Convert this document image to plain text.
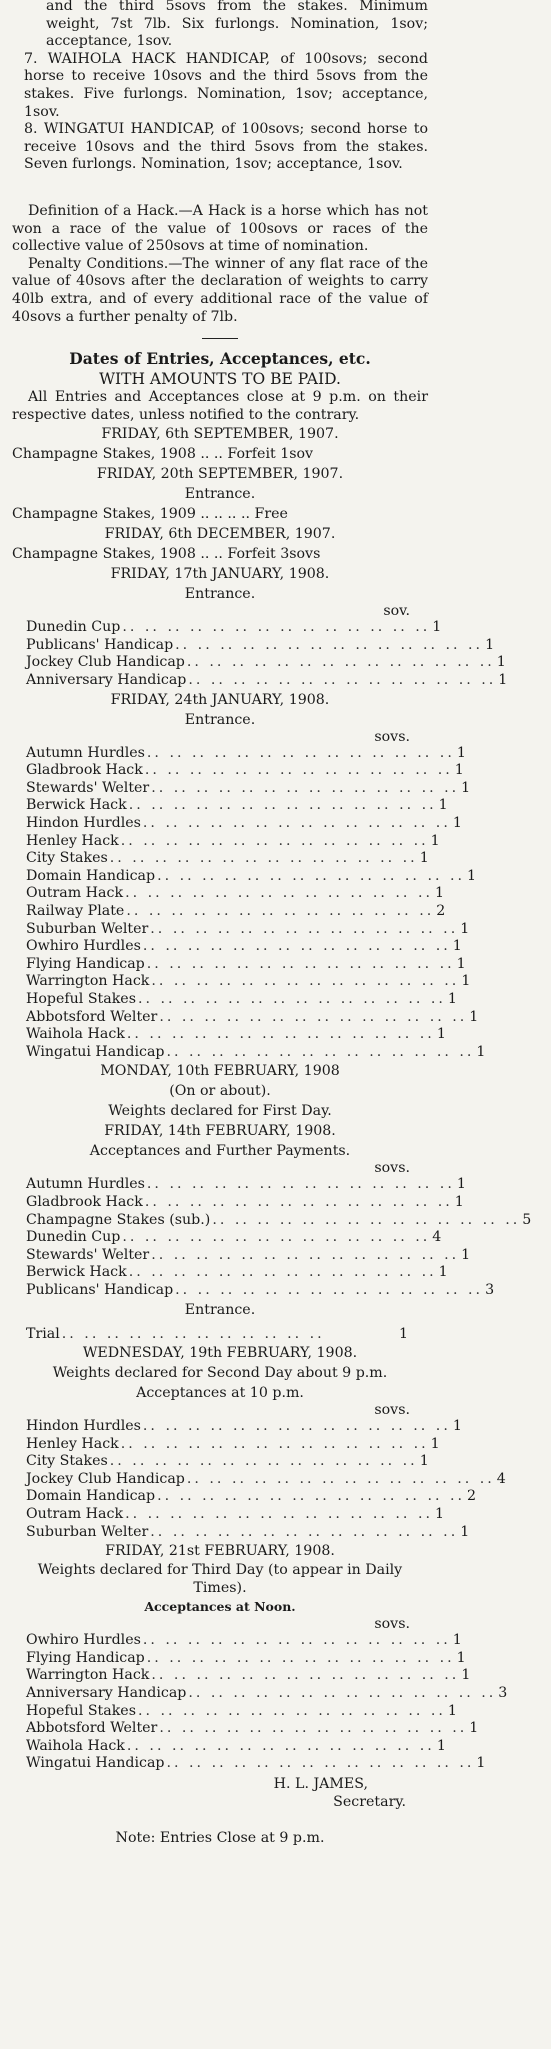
and the third 5sovs from the stakes. Minimum weight, 7st 7lb. Six furlongs. Nomination, 1sov; acceptance, 1sov.

7. WAIHOLA HACK HANDICAP, of 100sovs; second horse to receive 10sovs and the third 5sovs from the stakes. Five furlongs. Nomination, 1sov; acceptance, 1sov.

8. WINGATUI HANDICAP, of 100sovs; second horse to receive 10sovs and the third 5sovs from the stakes. Seven furlongs. Nomination, 1sov; acceptance, 1sov.

Definition of a Hack.—A Hack is a horse which has not won a race of the value of 100sovs or races of the collective value of 250sovs at time of nomination.

Penalty Conditions.—The winner of any flat race of the value of 40sovs after the declaration of weights to carry 40lb extra, and of every additional race of the value of 40sovs a further penalty of 7lb.

Dates of Entries, Acceptances, etc.

WITH AMOUNTS TO BE PAID.

All Entries and Acceptances close at 9 p.m. on their respective dates, unless notified to the contrary.

FRIDAY, 6th SEPTEMBER, 1907.

Champagne Stakes, 1908 .. .. Forfeit 1sov

FRIDAY, 20th SEPTEMBER, 1907.

Entrance.

Champagne Stakes, 1909 .. .. .. .. Free

FRIDAY, 6th DECEMBER, 1907.

Champagne Stakes, 1908 .. .. Forfeit 3sovs

FRIDAY, 17th JANUARY, 1908.

Entrance.

sov.
Dunedin Cup .. .. .. .. .. .. .. .. .. .. .. .. .. .. 1
Publicans' Handicap .. .. .. .. .. .. .. .. .. .. .. .. .. .. 1
Jockey Club Handicap .. .. .. .. .. .. .. .. .. .. .. .. .. .. 1
Anniversary Handicap .. .. .. .. .. .. .. .. .. .. .. .. .. .. 1

FRIDAY, 24th JANUARY, 1908.

Entrance.

sovs.
Autumn Hurdles .. .. .. .. .. .. .. .. .. .. .. .. .. .. 1
Gladbrook Hack .. .. .. .. .. .. .. .. .. .. .. .. .. .. 1
Stewards' Welter .. .. .. .. .. .. .. .. .. .. .. .. .. .. 1
Berwick Hack .. .. .. .. .. .. .. .. .. .. .. .. .. .. 1
Hindon Hurdles .. .. .. .. .. .. .. .. .. .. .. .. .. .. 1
Henley Hack .. .. .. .. .. .. .. .. .. .. .. .. .. .. 1
City Stakes .. .. .. .. .. .. .. .. .. .. .. .. .. .. 1
Domain Handicap .. .. .. .. .. .. .. .. .. .. .. .. .. .. 1
Outram Hack .. .. .. .. .. .. .. .. .. .. .. .. .. .. 1
Railway Plate .. .. .. .. .. .. .. .. .. .. .. .. .. .. 2
Suburban Welter .. .. .. .. .. .. .. .. .. .. .. .. .. .. 1
Owhiro Hurdles .. .. .. .. .. .. .. .. .. .. .. .. .. .. 1
Flying Handicap .. .. .. .. .. .. .. .. .. .. .. .. .. .. 1
Warrington Hack .. .. .. .. .. .. .. .. .. .. .. .. .. .. 1
Hopeful Stakes .. .. .. .. .. .. .. .. .. .. .. .. .. .. 1
Abbotsford Welter .. .. .. .. .. .. .. .. .. .. .. .. .. .. 1
Waihola Hack .. .. .. .. .. .. .. .. .. .. .. .. .. .. 1
Wingatui Handicap .. .. .. .. .. .. .. .. .. .. .. .. .. .. 1

MONDAY, 10th FEBRUARY, 1908

(On or about).

Weights declared for First Day.

FRIDAY, 14th FEBRUARY, 1908.

Acceptances and Further Payments.

sovs.
Autumn Hurdles .. .. .. .. .. .. .. .. .. .. .. .. .. .. 1
Gladbrook Hack .. .. .. .. .. .. .. .. .. .. .. .. .. .. 1
Champagne Stakes (sub.) .. .. .. .. .. .. .. .. .. .. .. .. .. .. 5
Dunedin Cup .. .. .. .. .. .. .. .. .. .. .. .. .. .. 4
Stewards' Welter .. .. .. .. .. .. .. .. .. .. .. .. .. .. 1
Berwick Hack .. .. .. .. .. .. .. .. .. .. .. .. .. .. 1
Publicans' Handicap .. .. .. .. .. .. .. .. .. .. .. .. .. .. 3

Entrance.

Trial .. .. .. .. .. .. .. .. .. .. .. ..	1

WEDNESDAY, 19th FEBRUARY, 1908.

Weights declared for Second Day about 9 p.m.

Acceptances at 10 p.m.

sovs.
Hindon Hurdles .. .. .. .. .. .. .. .. .. .. .. .. .. .. 1
Henley Hack .. .. .. .. .. .. .. .. .. .. .. .. .. .. 1
City Stakes .. .. .. .. .. .. .. .. .. .. .. .. .. .. 1
Jockey Club Handicap .. .. .. .. .. .. .. .. .. .. .. .. .. .. 4
Domain Handicap .. .. .. .. .. .. .. .. .. .. .. .. .. .. 2
Outram Hack .. .. .. .. .. .. .. .. .. .. .. .. .. .. 1
Suburban Welter .. .. .. .. .. .. .. .. .. .. .. .. .. .. 1

FRIDAY, 21st FEBRUARY, 1908.

Weights declared for Third Day (to appear in Daily Times).

Acceptances at Noon.

sovs.
Owhiro Hurdles .. .. .. .. .. .. .. .. .. .. .. .. .. .. 1
Flying Handicap .. .. .. .. .. .. .. .. .. .. .. .. .. .. 1
Warrington Hack .. .. .. .. .. .. .. .. .. .. .. .. .. .. 1
Anniversary Handicap .. .. .. .. .. .. .. .. .. .. .. .. .. .. 3
Hopeful Stakes .. .. .. .. .. .. .. .. .. .. .. .. .. .. 1
Abbotsford Welter .. .. .. .. .. .. .. .. .. .. .. .. .. .. 1
Waihola Hack .. .. .. .. .. .. .. .. .. .. .. .. .. .. 1
Wingatui Handicap .. .. .. .. .. .. .. .. .. .. .. .. .. .. 1

H. L. JAMES,

Secretary.

Note: Entries Close at 9 p.m.
